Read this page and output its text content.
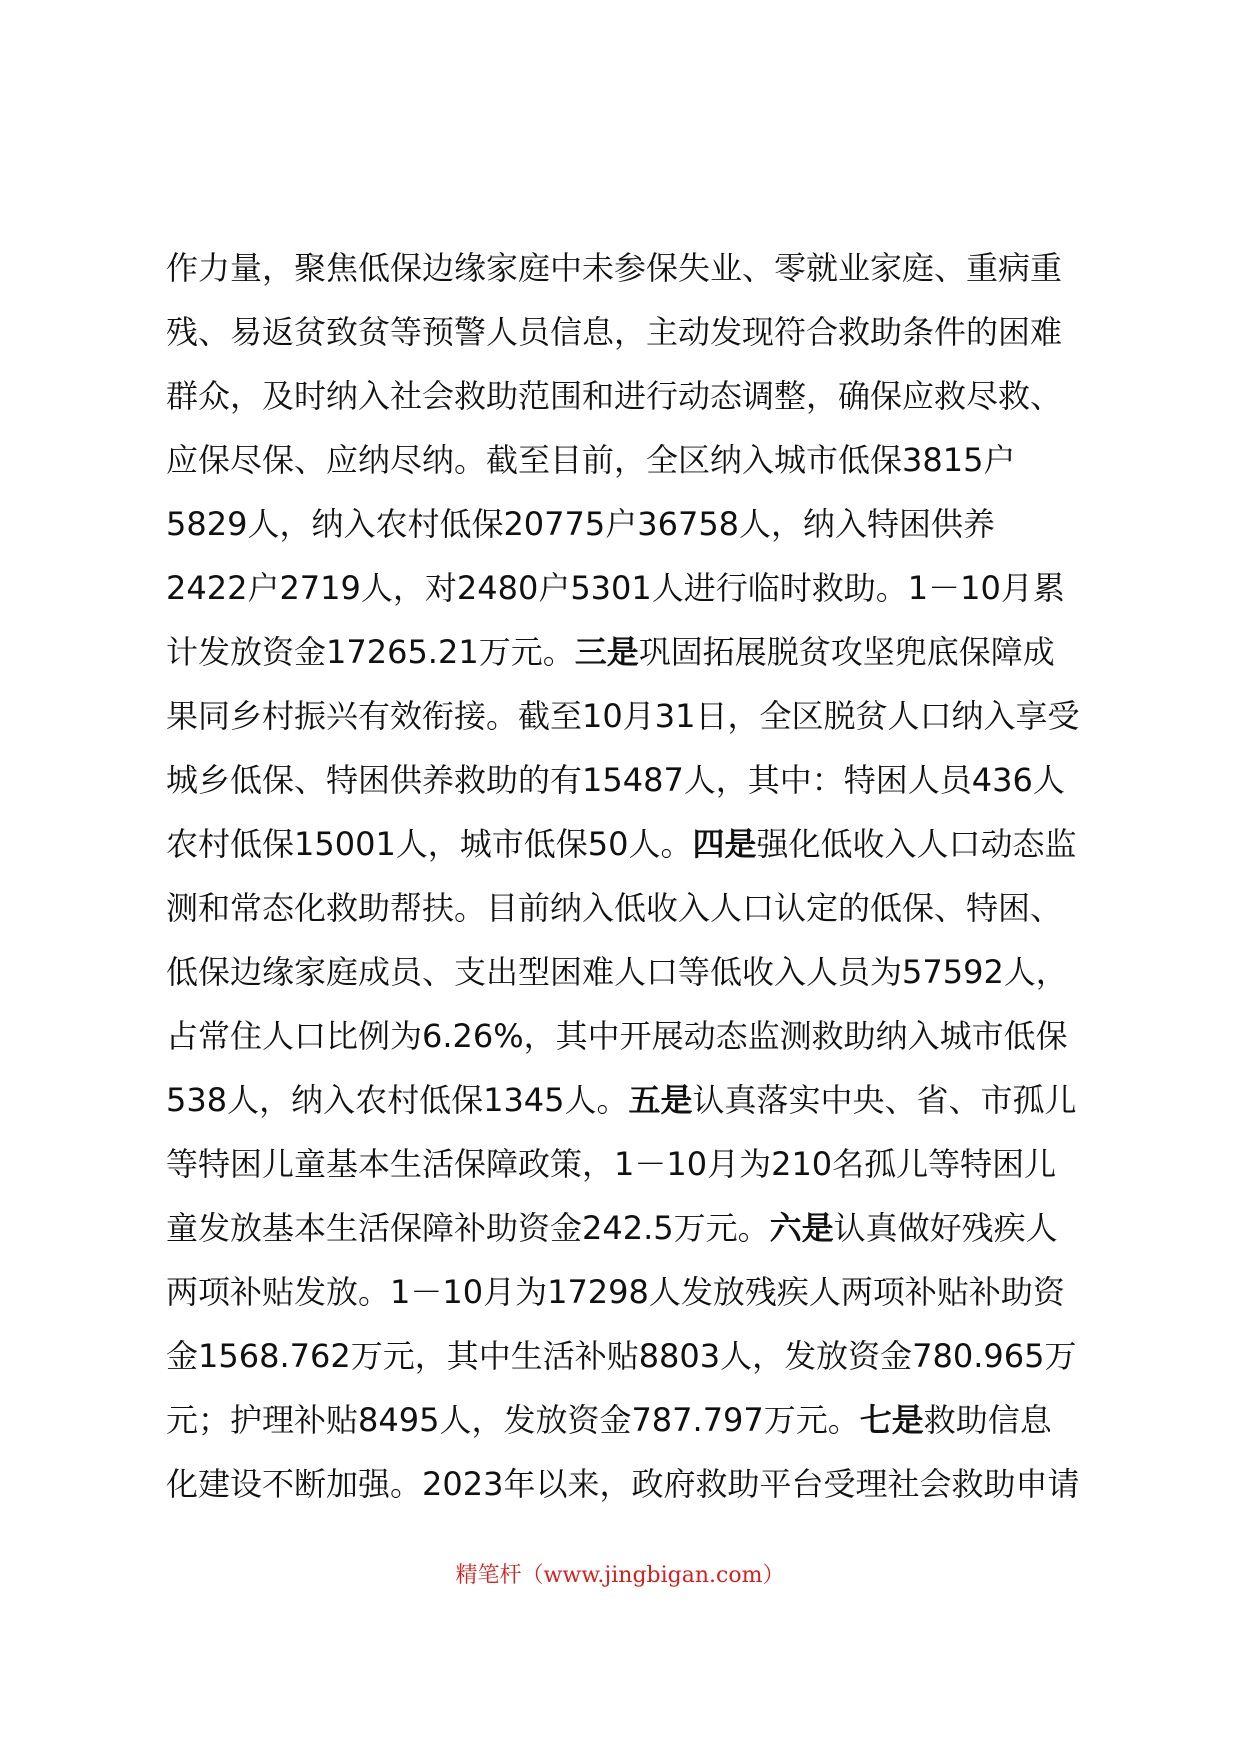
作力量，聚焦低保边缘家庭中未参保失业、零就业家庭、重病重
残、易返贫致贫等预警人员信息，主动发现符合救助条件的困难
群众，及时纳入社会救助范围和进行动态调整，确保应救尽救、
应保尽保、应纳尽纳。截至目前，全区纳入城市低保3815户
5829人，纳入农村低保20775户36758人，纳入特困供养
2422户2719人，对2480户5301人进行临时救助。1－10月累
计发放资金17265.21万元。三是巩固拓展脱贫攻坚兜底保障成
果同乡村振兴有效衔接。截至10月31日，全区脱贫人口纳入享受
城乡低保、特困供养救助的有15487人，其中：特困人员436人
农村低保15001人，城市低保50人。四是强化低收入人口动态监
测和常态化救助帮扶。目前纳入低收入人口认定的低保、特困、
低保边缘家庭成员、支出型困难人口等低收入人员为57592人，
占常住人口比例为6.26%，其中开展动态监测救助纳入城市低保
538人，纳入农村低保1345人。五是认真落实中央、省、市孤儿
等特困儿童基本生活保障政策，1－10月为210名孤儿等特困儿
童发放基本生活保障补助资金242.5万元。六是认真做好残疾人
两项补贴发放。1－10月为17298人发放残疾人两项补贴补助资
金1568.762万元，其中生活补贴8803人，发放资金780.965万
元；护理补贴8495人，发放资金787.797万元。七是救助信息
化建设不断加强。2023年以来，政府救助平台受理社会救助申请
精笔杆（www.jingbigan.com）
